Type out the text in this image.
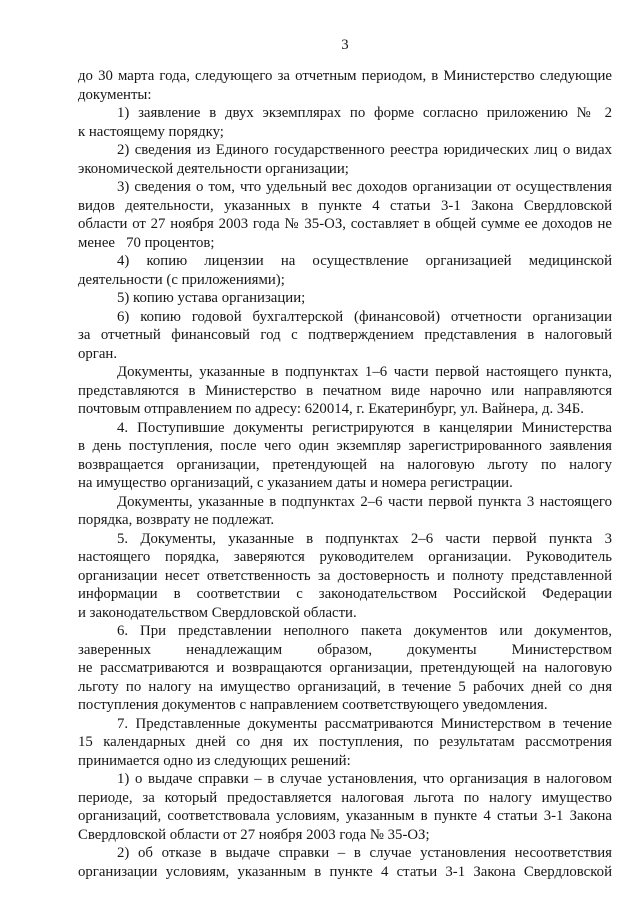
3
до 30 марта года, следующего за отчетным периодом, в Министерство следующие
документы:
1) заявление в двух экземплярах по форме согласно приложению № 2
к настоящему порядку;
2) сведения из Единого государственного реестра юридических лиц о видах
экономической деятельности организации;
3) сведения о том, что удельный вес доходов организации от осуществления
видов деятельности, указанных в пункте 4 статьи 3-1 Закона Свердловской
области от 27 ноября 2003 года № 35-ОЗ, составляет в общей сумме ее доходов не
менее   70 процентов;
4) копию лицензии на осуществление организацией медицинской
деятельности (с приложениями);
5) копию устава организации;
6) копию годовой бухгалтерской (финансовой) отчетности организации
за отчетный финансовый год с подтверждением представления в налоговый
орган.
Документы, указанные в подпунктах 1–6 части первой настоящего пункта,
представляются в Министерство в печатном виде нарочно или направляются
почтовым отправлением по адресу: 620014, г. Екатеринбург, ул. Вайнера, д. 34Б.
4. Поступившие документы регистрируются в канцелярии Министерства
в день поступления, после чего один экземпляр зарегистрированного заявления
возвращается организации, претендующей на налоговую льготу по налогу
на имущество организаций, с указанием даты и номера регистрации.
Документы, указанные в подпунктах 2–6 части первой пункта 3 настоящего
порядка, возврату не подлежат.
5. Документы, указанные в подпунктах 2–6 части первой пункта 3
настоящего порядка, заверяются руководителем организации. Руководитель
организации несет ответственность за достоверность и полноту представленной
информации в соответствии с законодательством Российской Федерации
и законодательством Свердловской области.
6. При представлении неполного пакета документов или документов,
заверенных ненадлежащим образом, документы Министерством
не рассматриваются и возвращаются организации, претендующей на налоговую
льготу по налогу на имущество организаций, в течение 5 рабочих дней со дня
поступления документов с направлением соответствующего уведомления.
7. Представленные документы рассматриваются Министерством в течение
15 календарных дней со дня их поступления, по результатам рассмотрения
принимается одно из следующих решений:
1) о выдаче справки – в случае установления, что организация в налоговом
периоде, за который предоставляется налоговая льгота по налогу имущество
организаций, соответствовала условиям, указанным в пункте 4 статьи 3-1 Закона
Свердловской области от 27 ноября 2003 года № 35-ОЗ;
2) об отказе в выдаче справки – в случае установления несоответствия
организации условиям, указанным в пункте 4 статьи 3-1 Закона Свердловской
